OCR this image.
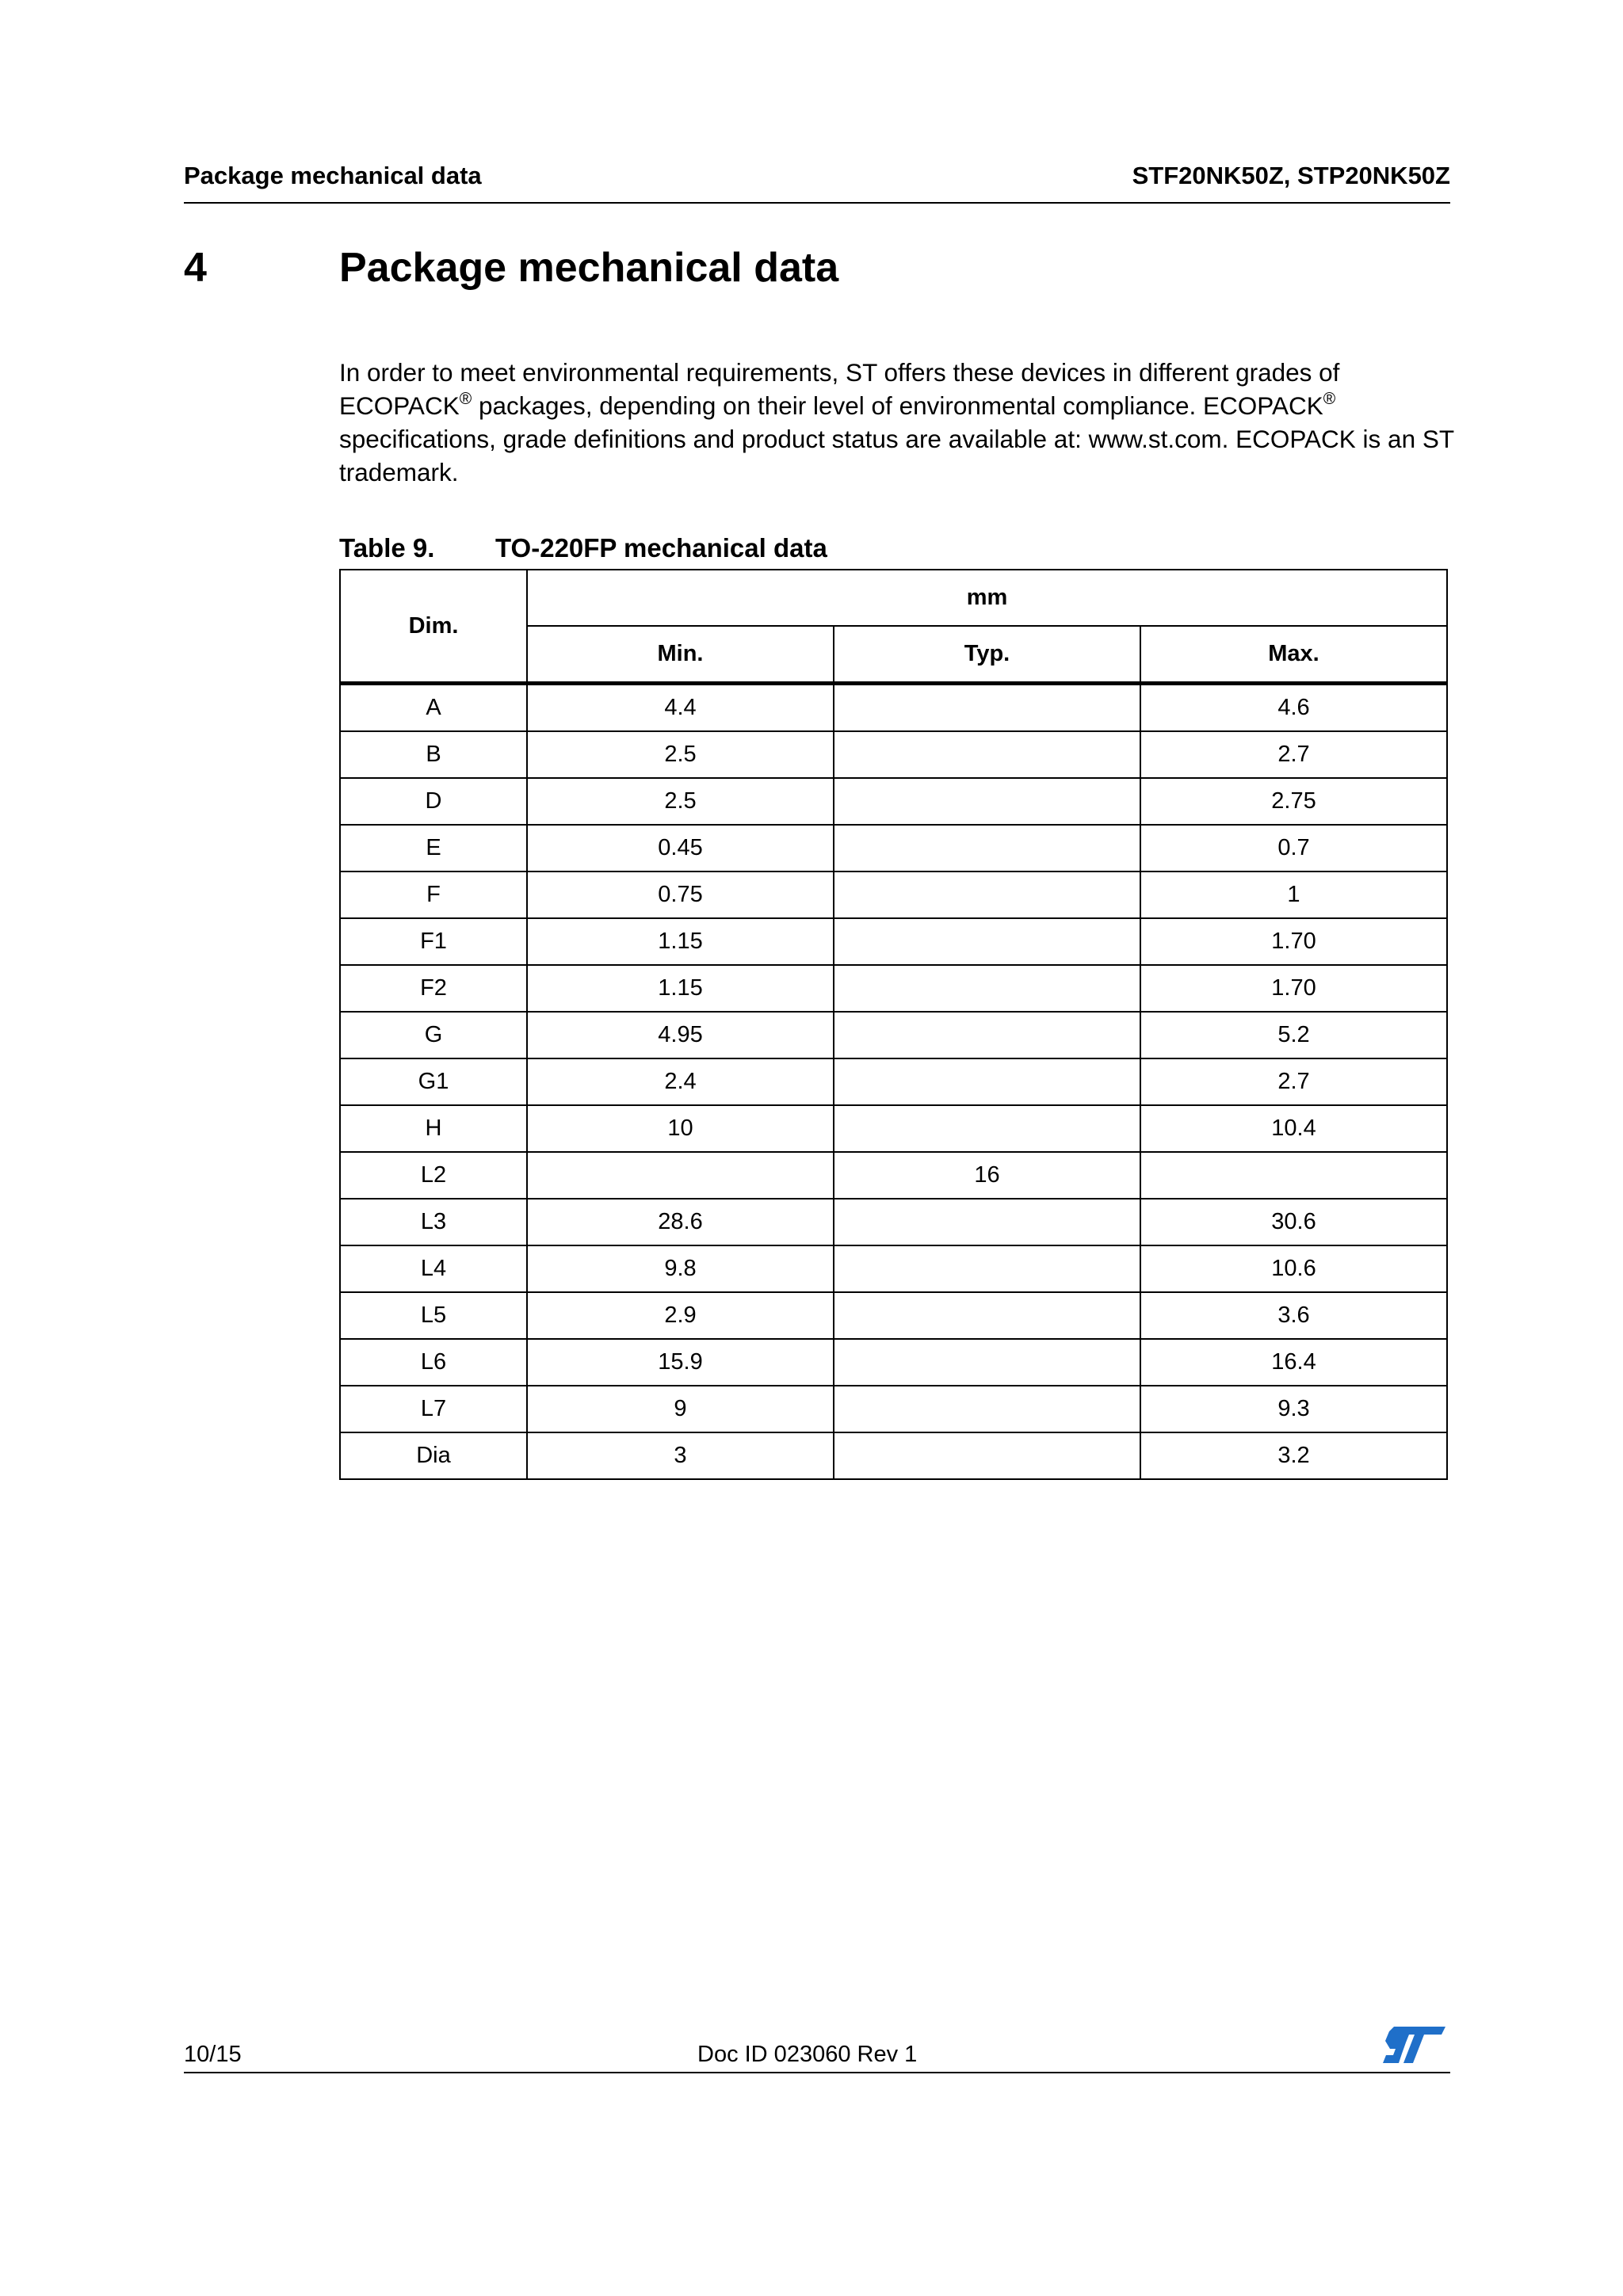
Package mechanical data	STF20NK50Z, STP20NK50Z
4	Package mechanical data

In order to meet environmental requirements, ST offers these devices in different grades of ECOPACK® packages, depending on their level of environmental compliance. ECOPACK® specifications, grade definitions and product status are available at: www.st.com. ECOPACK is an ST trademark.

Table 9. TO-220FP mechanical data
Dim.	mm		
	Min.	Typ.	Max.
A	4.4		4.6
B	2.5		2.7
D	2.5		2.75
E	0.45		0.7
F	0.75		1
F1	1.15		1.70
F2	1.15		1.70
G	4.95		5.2
G1	2.4		2.7
H	10		10.4
L2		16	
L3	28.6		30.6
L4	9.8		10.6
L5	2.9		3.6
L6	15.9		16.4
L7	9		9.3
Dia	3		3.2
10/15	Doc ID 023060 Rev 1
